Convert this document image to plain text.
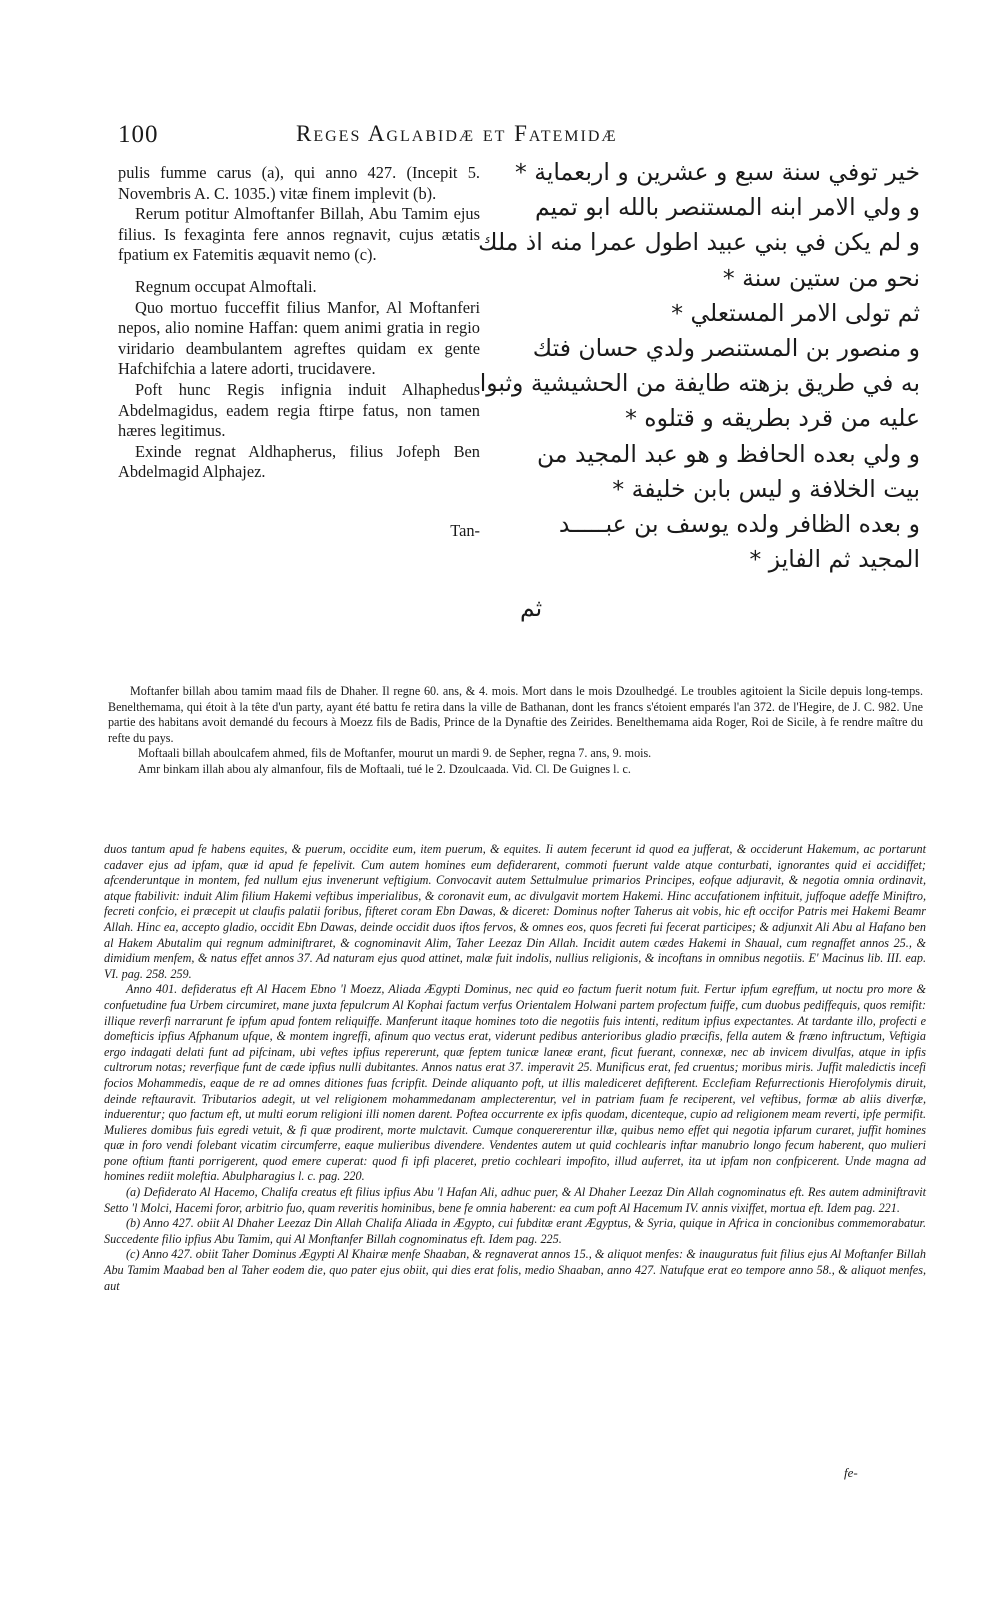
100	Reges Aglabidæ et Fatemidæ

pulis fumme carus (a), qui anno 427. (Incepit 5. Novembris A. C. 1035.) vitæ finem implevit (b).

Rerum potitur Almoftanfer Billah, Abu Tamim ejus filius. Is fexaginta fere annos regnavit, cujus ætatis fpatium ex Fatemitis æquavit nemo (c).

Regnum occupat Almoftali.

Quo mortuo fucceffit filius Manfor, Al Moftanferi nepos, alio nomine Haffan: quem animi gratia in regio viridario deambulantem agreftes quidam ex gente Hafchifchia a latere adorti, trucidavere.

Poft hunc Regis infignia induit Alhaphedus Abdelmagidus, eadem regia ftirpe fatus, non tamen hæres legitimus.

Exinde regnat Aldhapherus, filius Jofeph Ben Abdelmagid Alphajez.

Tan-

خير توفي سنة سبع و عشرين و اربعماية *

و ولي الامر ابنه المستنصر بالله ابو تميم

و لم يكن في بني عبيد اطول عمرا منه اذ ملك

نحو من ستين سنة *

ثم تولى الامر المستعلي *

و منصور بن المستنصر ولدي حسان فتك

به في طريق بزهته طايفة من الحشيشية وثبوا

عليه من قرد بطريقه و قتلوه *

و ولي بعده الحافظ و هو عبد المجيد من

بيت الخلافة و ليس بابن خليفة *

و بعده الظافر ولده يوسف بن عبـــــد

المجيد ثم الفايز *

ثم

Moftanfer billah abou tamim maad fils de Dhaher. Il regne 60. ans, & 4. mois. Mort dans le mois Dzoulhedgé. Le troubles agitoient la Sicile depuis long-temps. Benelthemama, qui étoit à la tête d'un party, ayant été battu fe retira dans la ville de Bathanan, dont les francs s'étoient emparés l'an 372. de l'Hegire, de J. C. 982. Une partie des habitans avoit demandé du fecours à Moezz fils de Badis, Prince de la Dynaftie des Zeirides. Benelthemama aida Roger, Roi de Sicile, à fe rendre maître du refte du pays.

Moftaali billah aboulcafem ahmed, fils de Moftanfer, mourut un mardi 9. de Sepher, regna 7. ans, 9. mois.

Amr binkam illah abou aly almanfour, fils de Moftaali, tué le 2. Dzoulcaada. Vid. Cl. De Guignes l. c.

duos tantum apud fe habens equites, & puerum, occidite eum, item puerum, & equites. Ii autem fecerunt id quod ea jufferat, & occiderunt Hakemum, ac portarunt cadaver ejus ad ipfam, quæ id apud fe fepelivit. Cum autem homines eum defiderarent, commoti fuerunt valde atque conturbati, ignorantes quid ei accidiffet; afcenderuntque in montem, fed nullum ejus invenerunt veftigium. Convocavit autem Settulmulue primarios Principes, eofque adjuravit, & negotia omnia ordinavit, atque ftabilivit: induit Alim filium Hakemi veftibus imperialibus, & coronavit eum, ac divulgavit mortem Hakemi. Hinc accufationem inftituit, juffoque adeffe Miniftro, fecreti confcio, ei præcepit ut claufis palatii foribus, fifteret coram Ebn Dawas, & diceret: Dominus nofter Taherus ait vobis, hic eft occifor Patris mei Hakemi Beamr Allah. Hinc ea, accepto gladio, occidit Ebn Dawas, deinde occidit duos iftos fervos, & omnes eos, quos fecreti fui fecerat participes; & adjunxit Ali Abu al Hafano ben al Hakem Abutalim qui regnum adminiftraret, & cognominavit Alim, Taher Leezaz Din Allah. Incidit autem cædes Hakemi in Shaual, cum regnaffet annos 25., & dimidium menfem, & natus effet annos 37. Ad naturam ejus quod attinet, malæ fuit indolis, nullius religionis, & incoftans in omnibus negotiis. E' Macinus lib. III. eap. VI. pag. 258. 259.

Anno 401. defideratus eft Al Hacem Ebno 'l Moezz, Aliada Ægypti Dominus, nec quid eo factum fuerit notum fuit. Fertur ipfum egreffum, ut noctu pro more & confuetudine fua Urbem circumiret, mane juxta fepulcrum Al Kophai factum verfus Orientalem Holwani partem profectum fuiffe, cum duobus pediffequis, quos remifit: illique reverfi narrarunt fe ipfum apud fontem reliquiffe. Manferunt itaque homines toto die negotiis fuis intenti, reditum ipfius expectantes. At tardante illo, profecti e domefticis ipfius Afphanum ufque, & montem ingreffi, afinum quo vectus erat, viderunt pedibus anterioribus gladio præcifis, fella autem & fræno inftructum, Veftigia ergo indagati delati funt ad pifcinam, ubi veftes ipfius repererunt, quæ feptem tunicæ laneæ erant, ficut fuerant, connexæ, nec ab invicem divulfas, atque in ipfis cultrorum notas; reverfique funt de cæde ipfius nulli dubitantes. Annos natus erat 37. imperavit 25. Munificus erat, fed cruentus; moribus miris. Juffit maledictis incefi focios Mohammedis, eaque de re ad omnes ditiones fuas fcripfit. Deinde aliquanto poft, ut illis malediceret defifterent. Ecclefiam Refurrectionis Hierofolymis diruit, deinde reftauravit. Tributarios adegit, ut vel religionem mohammedanam amplecterentur, vel in patriam fuam fe reciperent, vel veftibus, formæ ab aliis diverfæ, induerentur; quo factum eft, ut multi eorum religioni illi nomen darent. Poftea occurrente ex ipfis quodam, dicenteque, cupio ad religionem meam reverti, ipfe permifit. Mulieres domibus fuis egredi vetuit, & fi quæ prodirent, morte mulctavit. Cumque conquererentur illæ, quibus nemo effet qui negotia ipfarum curaret, juffit homines quæ in foro vendi folebant vicatim circumferre, eaque mulieribus divendere. Vendentes autem ut quid cochlearis inftar manubrio longo fecum haberent, quo mulieri pone oftium ftanti porrigerent, quod emere cuperat: quod fi ipfi placeret, pretio cochleari impofito, illud auferret, ita ut ipfam non confpicerent. Unde magna ad homines rediit moleftia. Abulpharagius l. c. pag. 220.

(a) Defiderato Al Hacemo, Chalifa creatus eft filius ipfius Abu 'l Hafan Ali, adhuc puer, & Al Dhaher Leezaz Din Allah cognominatus eft. Res autem adminiftravit Setto 'l Molci, Hacemi foror, arbitrio fuo, quam reveritis hominibus, bene fe omnia haberent: ea cum poft Al Hacemum IV. annis vixiffet, mortua eft. Idem pag. 221.

(b) Anno 427. obiit Al Dhaher Leezaz Din Allah Chalifa Aliada in Ægypto, cui fubditæ erant Ægyptus, & Syria, quique in Africa in concionibus commemorabatur. Succedente filio ipfius Abu Tamim, qui Al Monftanfer Billah cognominatus eft. Idem pag. 225.

(c) Anno 427. obiit Taher Dominus Ægypti Al Khairæ menfe Shaaban, & regnaverat annos 15., & aliquot menfes: & inauguratus fuit filius ejus Al Moftanfer Billah Abu Tamim Maabad ben al Taher eodem die, quo pater ejus obiit, qui dies erat folis, medio Shaaban, anno 427. Natufque erat eo tempore anno 58., & aliquot menfes, aut

fe-
